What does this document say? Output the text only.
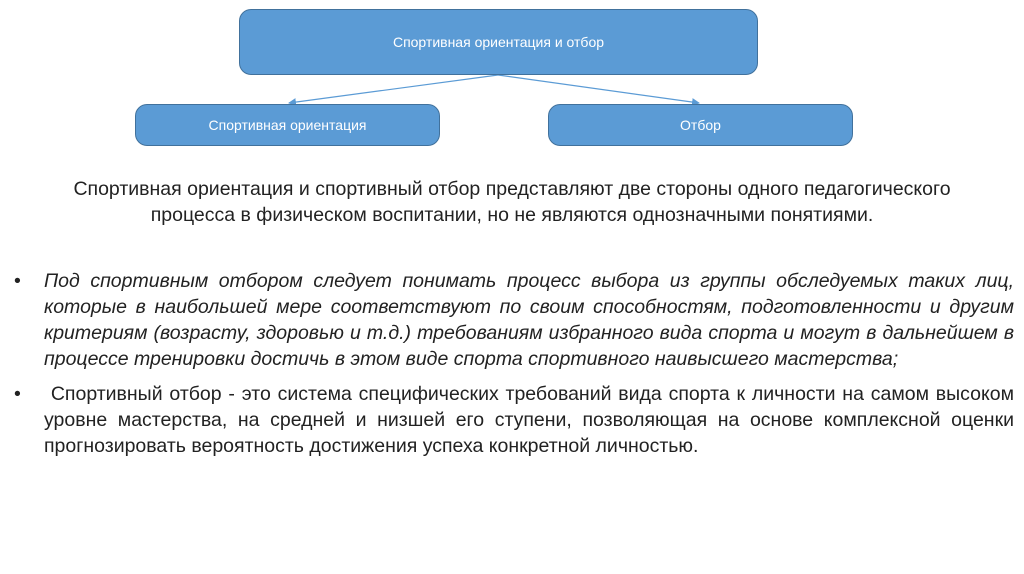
Спортивная ориентация и отбор
Спортивная ориентация	Отбор
Спортивная ориентация и спортивный отбор представляют две стороны одного педагогического процесса в физическом воспитании, но не являются однозначными понятиями.
• Под спортивным отбором следует понимать процесс выбора из группы обследуемых таких лиц, которые в наибольшей мере соответствуют по своим способностям, подготовленности и другим критериям (возрасту, здоровью и т.д.) требованиям избранного вида спорта и могут в дальнейшем в процессе тренировки достичь в этом виде спорта спортивного наивысшего мастерства;
• Спортивный отбор - это система специфических требований вида спорта к личности на самом высоком уровне мастерства, на средней и низшей его ступени, позволяющая на основе комплексной оценки прогнозировать вероятность достижения успеха конкретной личностью.
